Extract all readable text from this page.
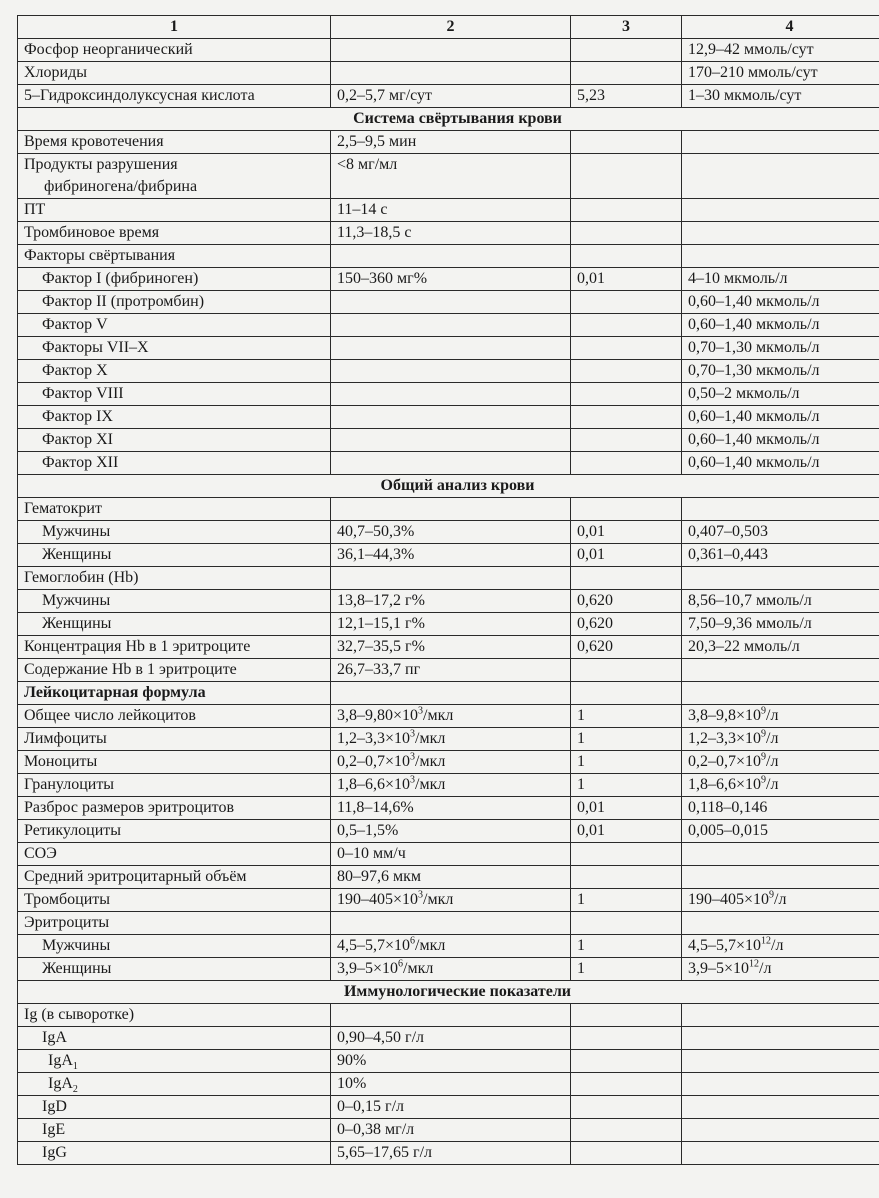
1	2	3	4
Фосфор неорганический			12,9–42 ммоль/сут
Хлориды			170–210 ммоль/сут
5–Гидроксиндолуксусная кислота	0,2–5,7 мг/сут	5,23	1–30 мкмоль/сут
Система свёртывания крови			
Время кровотечения	2,5–9,5 мин		

Продукты разрушения
фибриногена/фибрина	<8 мг/мл		
ПТ	11–14 с		
Тромбиновое время	11,3–18,5 с		
Факторы свёртывания			
Фактор I (фибриноген)	150–360 мг%	0,01	4–10 мкмоль/л
Фактор II (протромбин)			0,60–1,40 мкмоль/л
Фактор V			0,60–1,40 мкмоль/л
Факторы VII–X			0,70–1,30 мкмоль/л
Фактор X			0,70–1,30 мкмоль/л
Фактор VIII			0,50–2 мкмоль/л
Фактор IX			0,60–1,40 мкмоль/л
Фактор XI			0,60–1,40 мкмоль/л
Фактор XII			0,60–1,40 мкмоль/л
Общий анализ крови			
Гематокрит			
Мужчины	40,7–50,3%	0,01	0,407–0,503
Женщины	36,1–44,3%	0,01	0,361–0,443
Гемоглобин (Hb)			
Мужчины	13,8–17,2 г%	0,620	8,56–10,7 ммоль/л
Женщины	12,1–15,1 г%	0,620	7,50–9,36 ммоль/л
Концентрация Hb в 1 эритроците	32,7–35,5 г%	0,620	20,3–22 ммоль/л
Содержание Hb в 1 эритроците	26,7–33,7 пг		
Лейкоцитарная формула			
Общее число лейкоцитов	$3,8-9,80\times 10^3$/мкл	1	$3,8-9,8\times 10^9/л$
Лимфоциты	$1,2-3,3\times 10^3$/мкл	1	$1,2-3,3\times 10^9/л$
Моноциты	$0,2-0,7\times 10^3$/мкл	1	$0,2-0,7\times 10^9/л$
Гранулоциты	$1,8-6,6\times 10^3$/мкл	1	$1,8-6,6\times 10^9/л$
Разброс размеров эритроцитов	11,8–14,6%	0,01	0,118–0,146
Ретикулоциты	0,5–1,5%	0,01	0,005–0,015
СОЭ	0–10 мм/ч		
Средний эритроцитарный объём	80–97,6 мкм		
Тромбоциты	$190-405\times 10^3$/мкл	1	$190-405\times 10^9/л$
Эритроциты			
Мужчины	$4,5-5,7\times 10^6$/мкл	1	$4,5-5,7\times 10^{12}/л$
Женщины	$3,9-5\times 10^6$/мкл	1	$3,9-5\times 10^{12}/л$
Иммунологические показатели			
Ig (в сыворотке)			
IgA	0,90–4,50 г/л		
IgA$_1$	90%		
IgA$_2$	10%		
IgD	0–0,15 г/л		
IgE	0–0,38 мг/л		
IgG	5,65–17,65 г/л		
